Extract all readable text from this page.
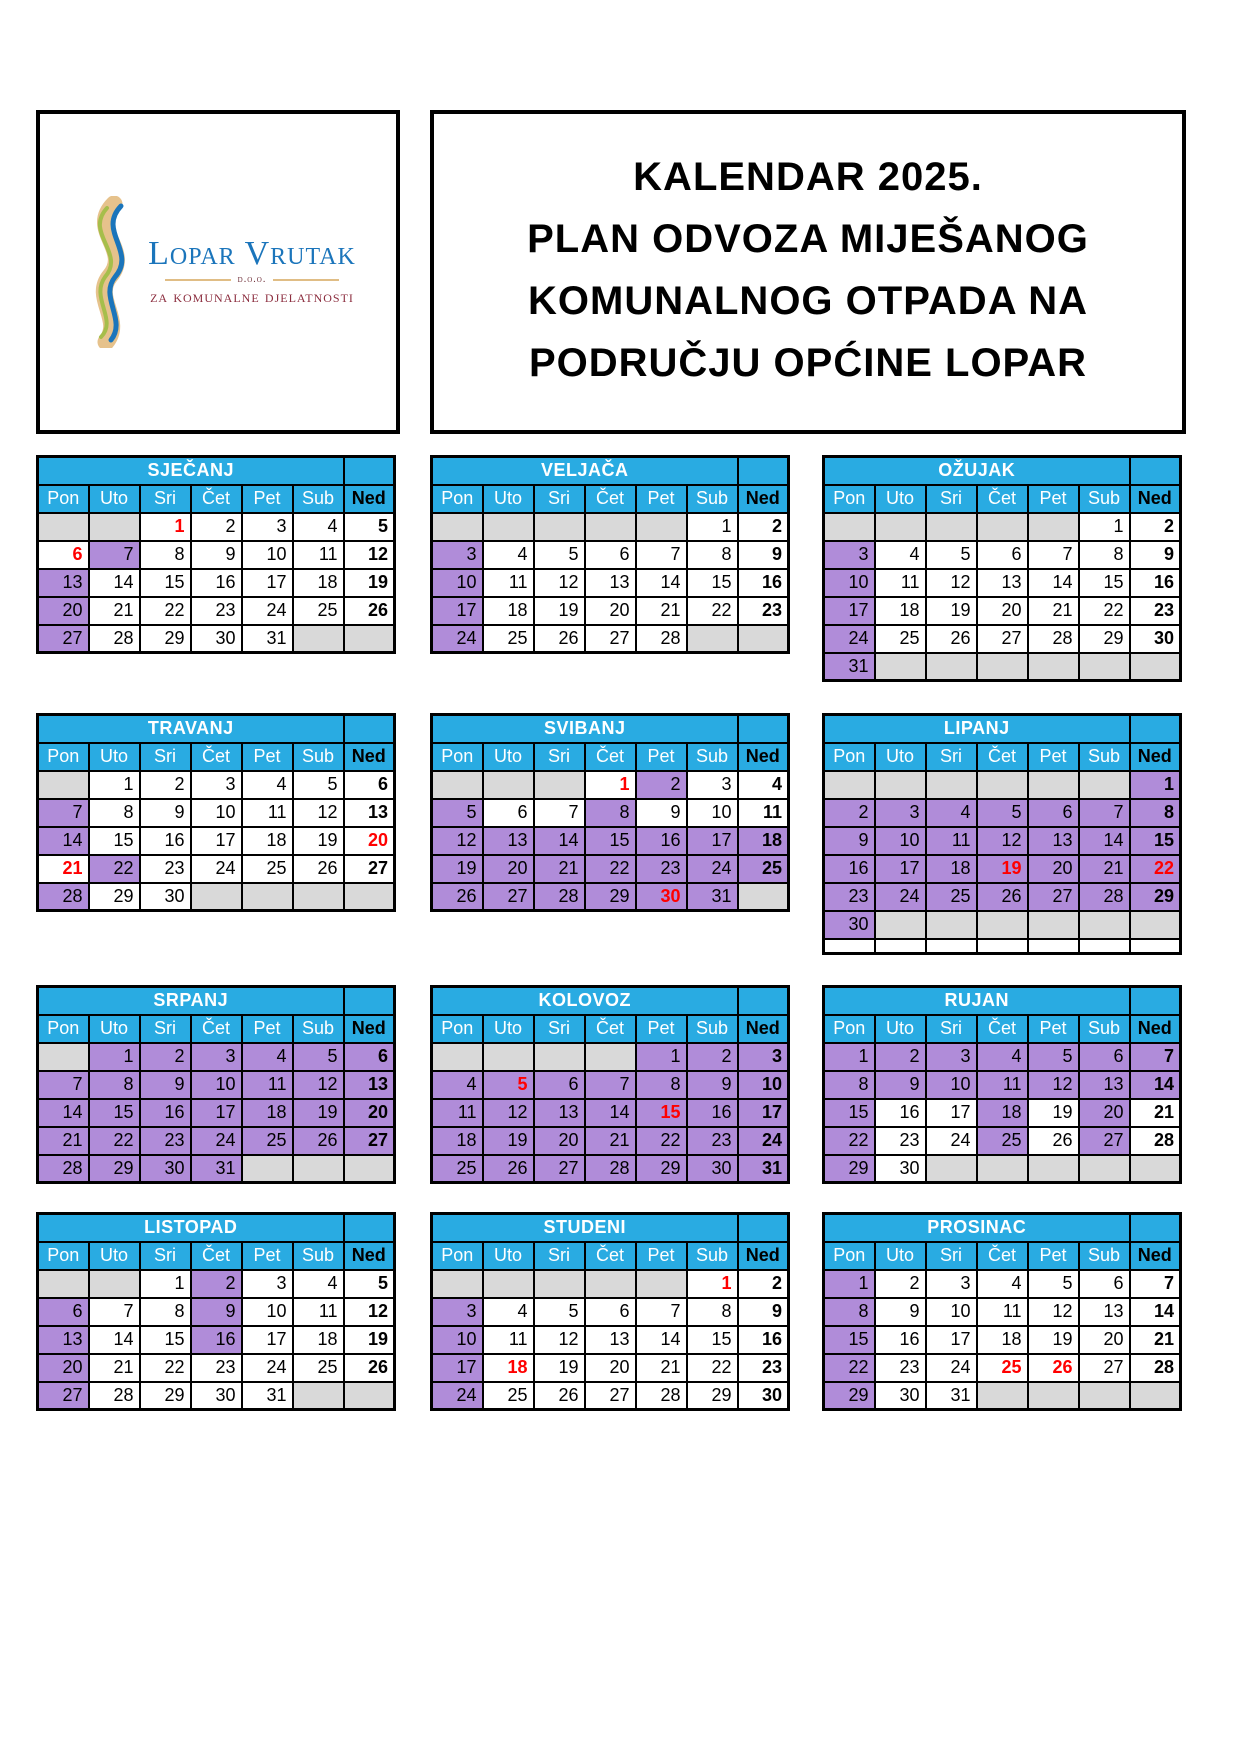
Lopar Vrutak
d.o.o.
za komunalne djelatnosti
KALENDAR 2025.
PLAN ODVOZA MIJEŠANOG
KOMUNALNOG OTPADA NA
PODRUČJU OPĆINE LOPAR
SJEČANJ						
Pon	Uto	Sri	Čet	Pet	Sub	Ned
		1	2	3	4	5
6	7	8	9	10	11	12
13	14	15	16	17	18	19
20	21	22	23	24	25	26
27	28	29	30	31		
VELJAČA						
Pon	Uto	Sri	Čet	Pet	Sub	Ned
					1	2
3	4	5	6	7	8	9
10	11	12	13	14	15	16
17	18	19	20	21	22	23
24	25	26	27	28		
OŽUJAK						
Pon	Uto	Sri	Čet	Pet	Sub	Ned
					1	2
3	4	5	6	7	8	9
10	11	12	13	14	15	16
17	18	19	20	21	22	23
24	25	26	27	28	29	30
31						
TRAVANJ						
Pon	Uto	Sri	Čet	Pet	Sub	Ned
	1	2	3	4	5	6
7	8	9	10	11	12	13
14	15	16	17	18	19	20
21	22	23	24	25	26	27
28	29	30				
SVIBANJ						
Pon	Uto	Sri	Čet	Pet	Sub	Ned
			1	2	3	4
5	6	7	8	9	10	11
12	13	14	15	16	17	18
19	20	21	22	23	24	25
26	27	28	29	30	31	
LIPANJ						
Pon	Uto	Sri	Čet	Pet	Sub	Ned
						1
2	3	4	5	6	7	8
9	10	11	12	13	14	15
16	17	18	19	20	21	22
23	24	25	26	27	28	29
30						

SRPANJ						
Pon	Uto	Sri	Čet	Pet	Sub	Ned
	1	2	3	4	5	6
7	8	9	10	11	12	13
14	15	16	17	18	19	20
21	22	23	24	25	26	27
28	29	30	31			
KOLOVOZ						
Pon	Uto	Sri	Čet	Pet	Sub	Ned
				1	2	3
4	5	6	7	8	9	10
11	12	13	14	15	16	17
18	19	20	21	22	23	24
25	26	27	28	29	30	31
RUJAN						
Pon	Uto	Sri	Čet	Pet	Sub	Ned
1	2	3	4	5	6	7
8	9	10	11	12	13	14
15	16	17	18	19	20	21
22	23	24	25	26	27	28
29	30					
LISTOPAD						
Pon	Uto	Sri	Čet	Pet	Sub	Ned
		1	2	3	4	5
6	7	8	9	10	11	12
13	14	15	16	17	18	19
20	21	22	23	24	25	26
27	28	29	30	31		
STUDENI						
Pon	Uto	Sri	Čet	Pet	Sub	Ned
					1	2
3	4	5	6	7	8	9
10	11	12	13	14	15	16
17	18	19	20	21	22	23
24	25	26	27	28	29	30
PROSINAC						
Pon	Uto	Sri	Čet	Pet	Sub	Ned
1	2	3	4	5	6	7
8	9	10	11	12	13	14
15	16	17	18	19	20	21
22	23	24	25	26	27	28
29	30	31				
